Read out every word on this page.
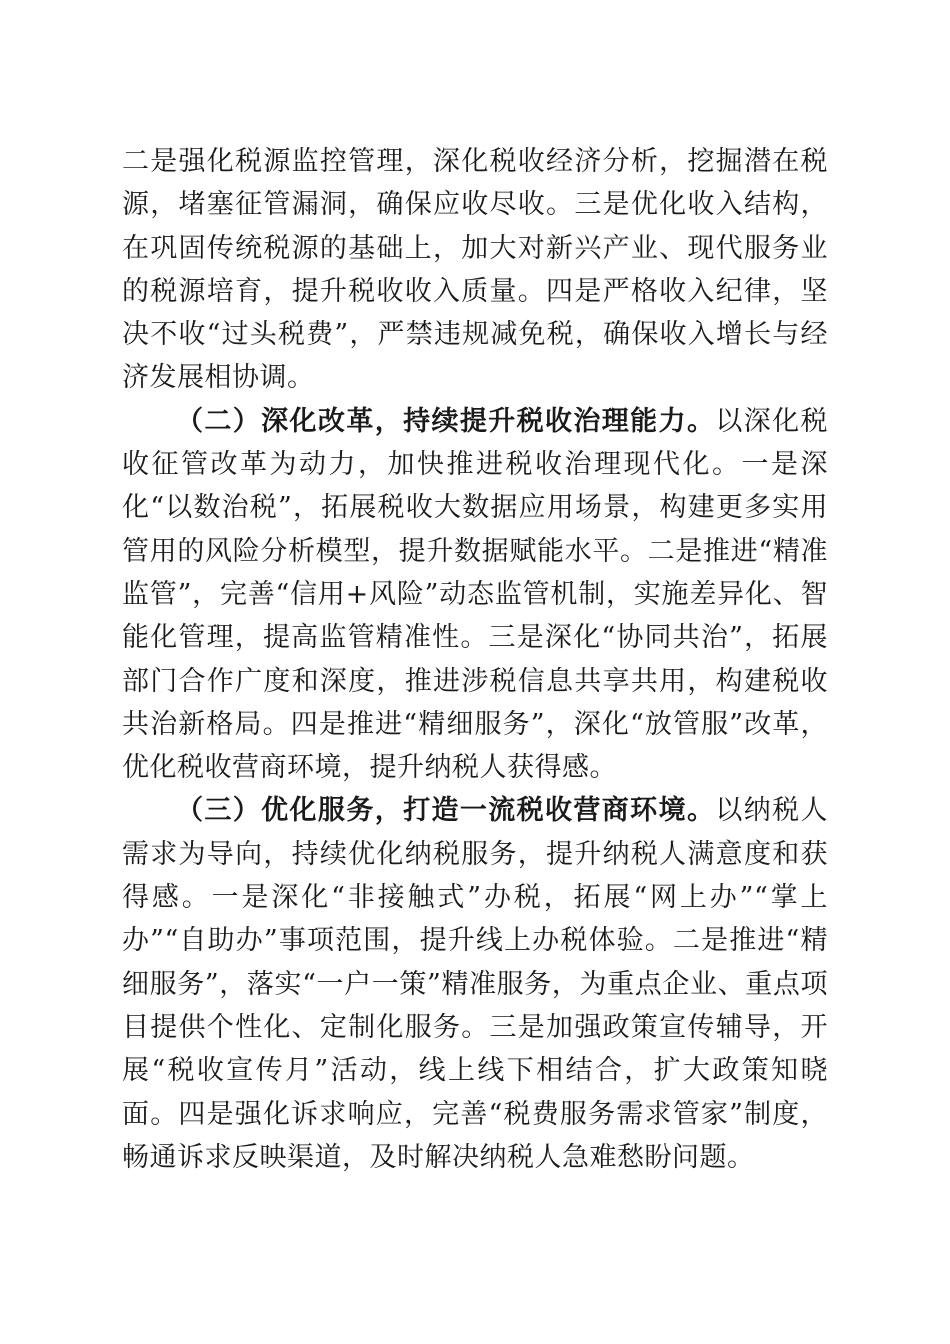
二是强化税源监控管理，深化税收经济分析，挖掘潜在税源，堵塞征管漏洞，确保应收尽收。三是优化收入结构，在巩固传统税源的基础上，加大对新兴产业、现代服务业的税源培育，提升税收收入质量。四是严格收入纪律，坚决不收“过头税费”，严禁违规减免税，确保收入增长与经济发展相协调。

（二）深化改革，持续提升税收治理能力。以深化税收征管改革为动力，加快推进税收治理现代化。一是深化“以数治税”，拓展税收大数据应用场景，构建更多实用管用的风险分析模型，提升数据赋能水平。二是推进“精准监管”，完善“信用+风险”动态监管机制，实施差异化、智能化管理，提高监管精准性。三是深化“协同共治”，拓展部门合作广度和深度，推进涉税信息共享共用，构建税收共治新格局。四是推进“精细服务”，深化“放管服”改革，优化税收营商环境，提升纳税人获得感。

（三）优化服务，打造一流税收营商环境。以纳税人需求为导向，持续优化纳税服务，提升纳税人满意度和获得感。一是深化“非接触式”办税，拓展“网上办”“掌上办”“自助办”事项范围，提升线上办税体验。二是推进“精细服务”，落实“一户一策”精准服务，为重点企业、重点项目提供个性化、定制化服务。三是加强政策宣传辅导，开展“税收宣传月”活动，线上线下相结合，扩大政策知晓面。四是强化诉求响应，完善“税费服务需求管家”制度，畅通诉求反映渠道，及时解决纳税人急难愁盼问题。
